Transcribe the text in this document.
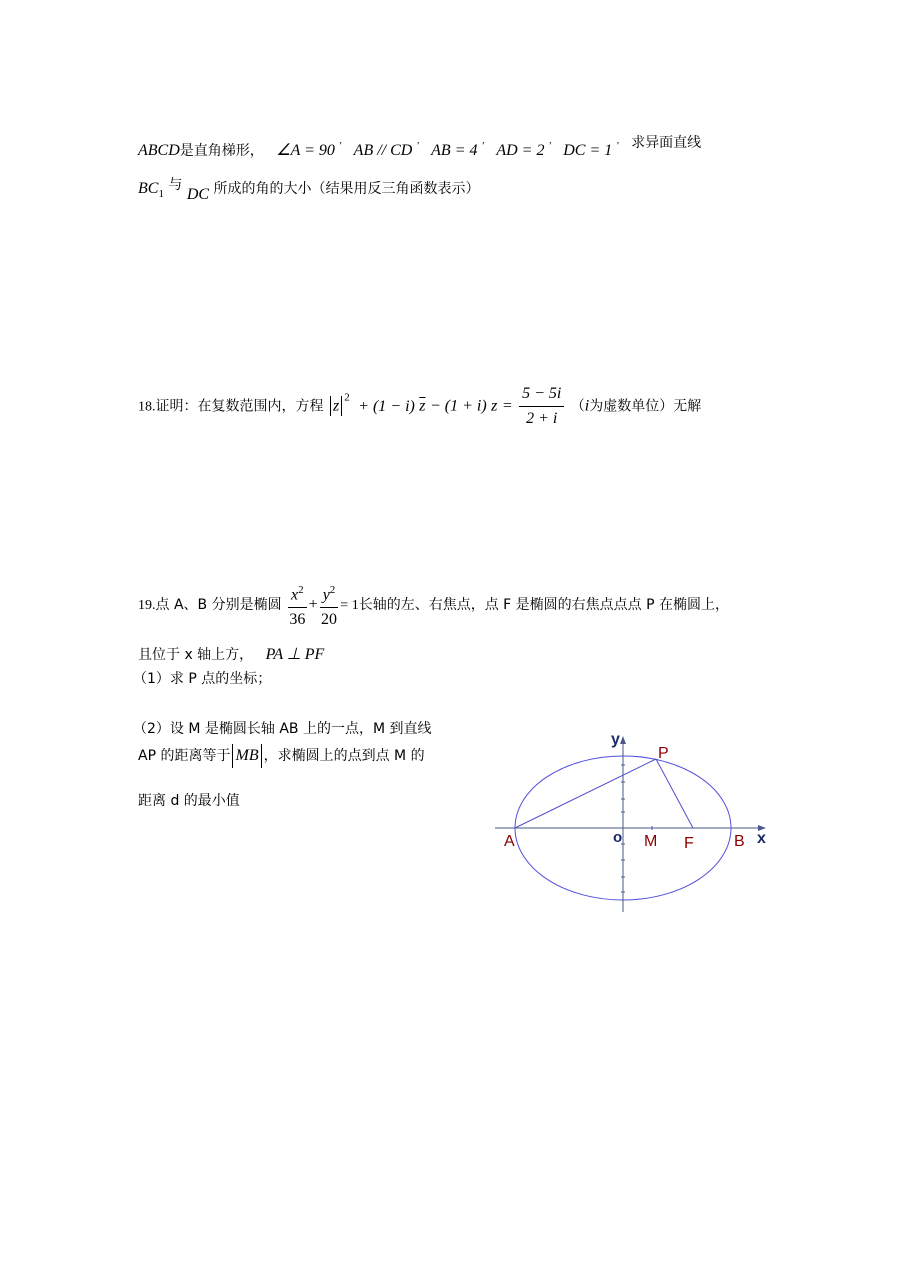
ABCD是直角梯形， ∠A = 90 ' AB // CD ' AB = 4 ' AD = 2 ' DC = 1 ' 求异面直线
$BC_1$ 与 DC 所成的角的大小（结果用反三角函数表示）
18.证明：在复数范围内，方程 z $^2$ + (1 − i) $\overline{z} - (1 + i) z = \frac{5 - 5i}{2 + i} (i$为虚数单位）无解
19.点 A、B 分别是椭圆 $\frac{x^2}{36} + \frac{y^2}{20} = 1$长轴的左、右焦点，点 F 是椭圆的右焦点点点 P 在椭圆上，
且位于 x 轴上方， PA ⊥ PF
（1）求 P 点的坐标；
（2）设 M 是椭圆长轴 AB 上的一点，M 到直线
AP 的距离等于 MB ，求椭圆上的点到点 M 的
距离 d 的最小值
y
x
o
A	B
P
M F
